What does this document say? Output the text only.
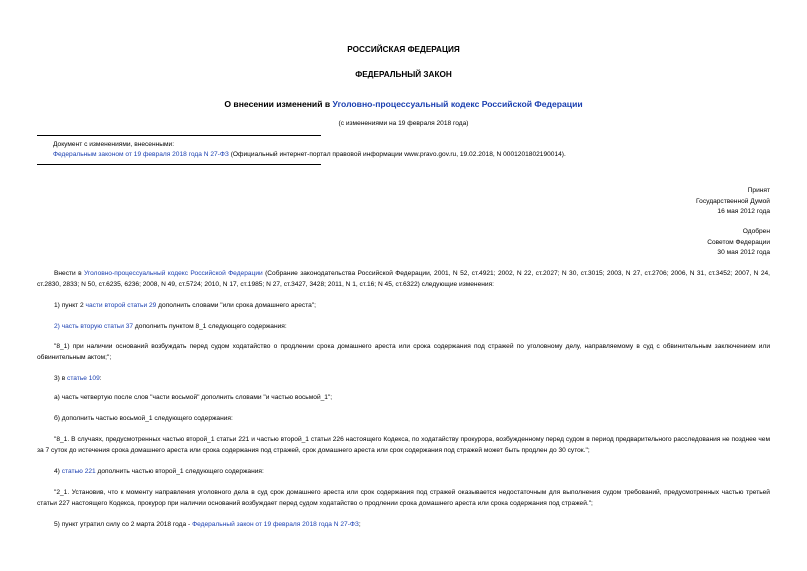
РОССИЙСКАЯ ФЕДЕРАЦИЯ
ФЕДЕРАЛЬНЫЙ ЗАКОН
О внесении изменений в Уголовно-процессуальный кодекс Российской Федерации
(с изменениями на 19 февраля 2018 года)
Документ с изменениями, внесенными:
Федеральным законом от 19 февраля 2018 года N 27-ФЗ (Официальный интернет-портал правовой информации www.pravo.gov.ru, 19.02.2018, N 0001201802190014).
Принят
Государственной Думой
16 мая 2012 года
Одобрен
Советом Федерации
30 мая 2012 года
Внести в Уголовно-процессуальный кодекс Российской Федерации (Собрание законодательства Российской Федерации, 2001, N 52, ст.4921; 2002, N 22, ст.2027; N 30, ст.3015; 2003, N 27, ст.2706; 2006, N 31, ст.3452; 2007, N 24, ст.2830, 2833; N 50, ст.6235, 6236; 2008, N 49, ст.5724; 2010, N 17, ст.1985; N 27, ст.3427, 3428; 2011, N 1, ст.16; N 45, ст.6322) следующие изменения:
1) пункт 2 части второй статьи 29 дополнить словами "или срока домашнего ареста";
2) часть вторую статьи 37 дополнить пунктом 8_1 следующего содержания:
"8_1) при наличии оснований возбуждать перед судом ходатайство о продлении срока домашнего ареста или срока содержания под стражей по уголовному делу, направляемому в суд с обвинительным заключением или обвинительным актом;";
3) в статье 109:
а) часть четвертую после слов "части восьмой" дополнить словами "и частью восьмой_1";
б) дополнить частью восьмой_1 следующего содержания:
"8_1. В случаях, предусмотренных частью второй_1 статьи 221 и частью второй_1 статьи 226 настоящего Кодекса, по ходатайству прокурора, возбужденному перед судом в период предварительного расследования не позднее чем за 7 суток до истечения срока домашнего ареста или срока содержания под стражей, срок домашнего ареста или срок содержания под стражей может быть продлен до 30 суток.";
4) статью 221 дополнить частью второй_1 следующего содержания:
"2_1. Установив, что к моменту направления уголовного дела в суд срок домашнего ареста или срок содержания под стражей оказывается недостаточным для выполнения судом требований, предусмотренных частью третьей статьи 227 настоящего Кодекса, прокурор при наличии оснований возбуждает перед судом ходатайство о продлении срока домашнего ареста или срока содержания под стражей.";
5) пункт утратил силу со 2 марта 2018 года - Федеральный закон от 19 февраля 2018 года N 27-ФЗ;
